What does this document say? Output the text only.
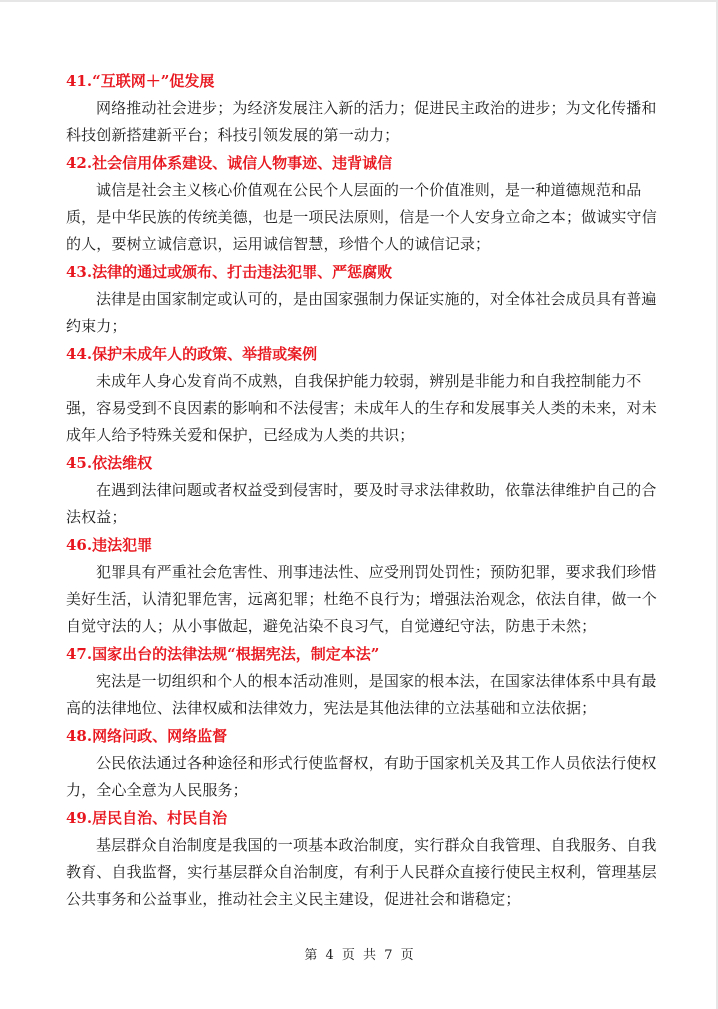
41.“互联网＋”促发展
网络推动社会进步；为经济发展注入新的活力；促进民主政治的进步；为文化传播和科技创新搭建新平台；科技引领发展的第一动力；
42.社会信用体系建设、诚信人物事迹、违背诚信
诚信是社会主义核心价值观在公民个人层面的一个价值准则，是一种道德规范和品质，是中华民族的传统美德，也是一项民法原则，信是一个人安身立命之本；做诚实守信的人，要树立诚信意识，运用诚信智慧，珍惜个人的诚信记录；
43.法律的通过或颁布、打击违法犯罪、严惩腐败
法律是由国家制定或认可的，是由国家强制力保证实施的，对全体社会成员具有普遍约束力；
44.保护未成年人的政策、举措或案例
未成年人身心发育尚不成熟，自我保护能力较弱，辨别是非能力和自我控制能力不强，容易受到不良因素的影响和不法侵害；未成年人的生存和发展事关人类的未来，对未成年人给予特殊关爱和保护，已经成为人类的共识；
45.依法维权
在遇到法律问题或者权益受到侵害时，要及时寻求法律救助，依靠法律维护自己的合法权益；
46.违法犯罪
犯罪具有严重社会危害性、刑事违法性、应受刑罚处罚性；预防犯罪，要求我们珍惜美好生活，认清犯罪危害，远离犯罪；杜绝不良行为；增强法治观念，依法自律，做一个自觉守法的人；从小事做起，避免沾染不良习气，自觉遵纪守法，防患于未然；
47.国家出台的法律法规“根据宪法，制定本法”
宪法是一切组织和个人的根本活动准则，是国家的根本法，在国家法律体系中具有最高的法律地位、法律权威和法律效力，宪法是其他法律的立法基础和立法依据；
48.网络问政、网络监督
公民依法通过各种途径和形式行使监督权，有助于国家机关及其工作人员依法行使权力，全心全意为人民服务；
49.居民自治、村民自治
基层群众自治制度是我国的一项基本政治制度，实行群众自我管理、自我服务、自我教育、自我监督，实行基层群众自治制度，有利于人民群众直接行使民主权利，管理基层公共事务和公益事业，推动社会主义民主建设，促进社会和谐稳定；
第 4 页 共 7 页
